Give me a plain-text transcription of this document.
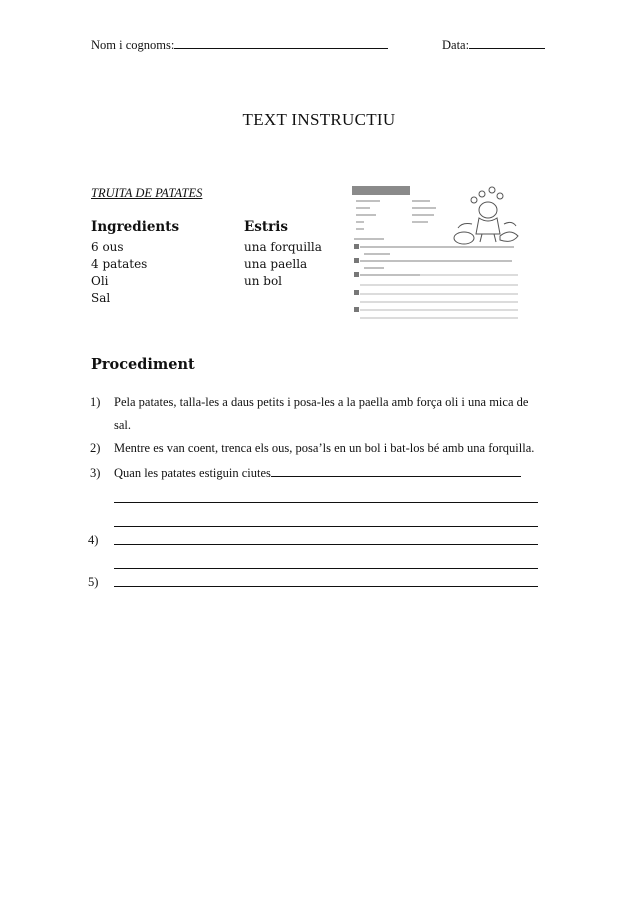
Nom i cognoms:	Data:
TEXT INSTRUCTIU
TRUITA DE PATATES
Ingredients
6 ous
4 patates
Oli
Sal
Estris
una forquilla
una paella
un bol
Procediment
1) Pela patates, talla-les a daus petits i posa-les a la paella amb força oli i una mica de sal.
2) Mentre es van coent, trenca els ous, posa’ls en un bol i bat-los bé amb una forquilla.
3) Quan les patates estiguin ciutes
4)
5)
